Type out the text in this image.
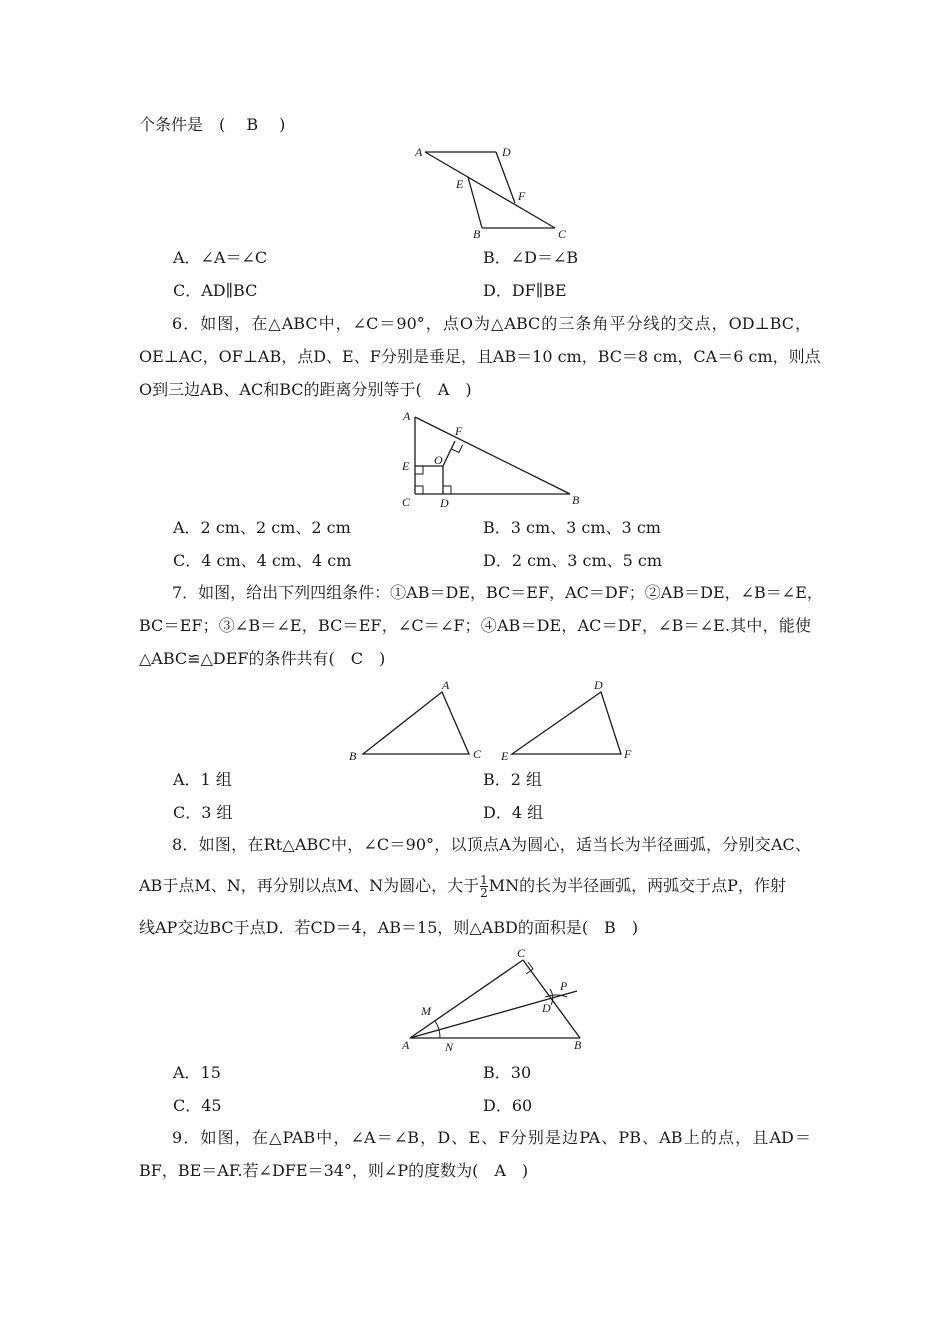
个条件是　( 　B　 )
A	D
E
F
B	C
A．∠A＝∠C	B．∠D＝∠B
C．AD∥BC	D．DF∥BE
6．如图，在△ABC中，∠C＝90°，点O为△ABC的三条角平分线的交点，OD⊥BC，
OE⊥AC，OF⊥AB，点D、E、F分别是垂足，且AB＝10 cm，BC＝8 cm，CA＝6 cm，则点
O到三边AB、AC和BC的距离分别等于(　A　)
A
F
O
E
C D	B
A．2 cm、2 cm、2 cm	B．3 cm、3 cm、3 cm
C．4 cm、4 cm、4 cm	D．2 cm、3 cm、5 cm
7．如图，给出下列四组条件：①AB＝DE，BC＝EF，AC＝DF；②AB＝DE，∠B＝∠E，
BC＝EF；③∠B＝∠E，BC＝EF，∠C＝∠F；④AB＝DE，AC＝DF，∠B＝∠E.其中，能使
△ABC≌△DEF的条件共有(　C　)
A
B	C
D
E	F
A．1 组	B．2 组
C．3 组	D．4 组
8．如图，在Rt△ABC中，∠C＝90°，以顶点A为圆心，适当长为半径画弧，分别交AC、
AB于点M、N，再分别以点M、N为圆心，大于 $\frac{1}{2}$ MN的长为半径画弧，两弧交于点P，作射
线AP交边BC于点D．若CD＝4，AB＝15，则△ABD的面积是(　B　)
C
P
D
M
A	N	B
A．15	B．30
C．45	D．60
9．如图，在△PAB中，∠A＝∠B，D、E、F分别是边PA、PB、AB上的点，且AD＝
BF，BE＝AF.若∠DFE＝34°，则∠P的度数为(　A　)
